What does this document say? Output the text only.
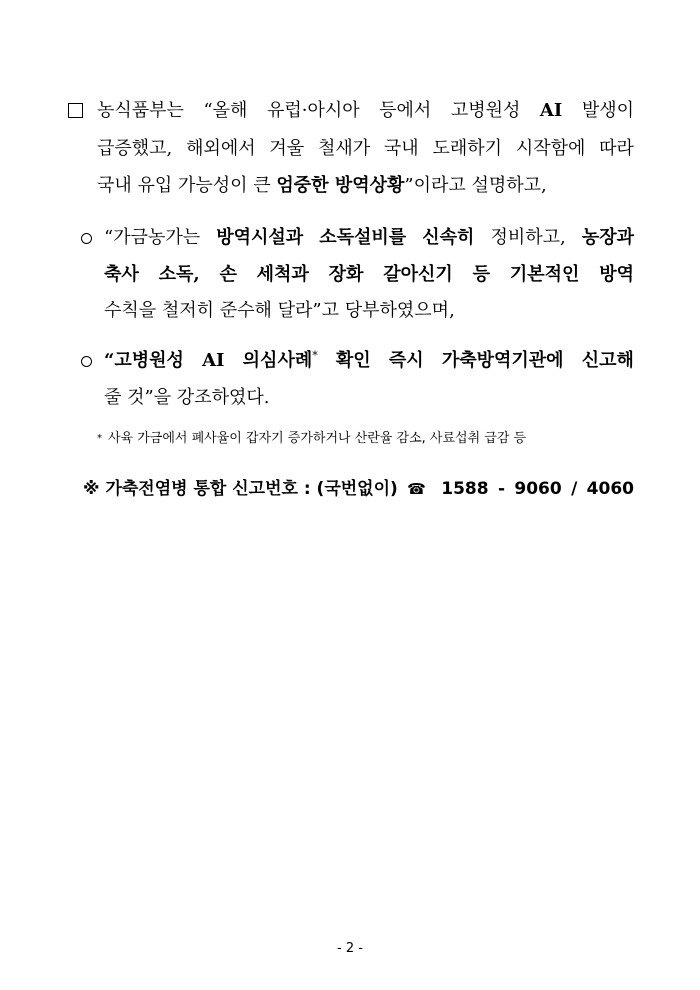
농식품부는 “올해 유럽·아시아 등에서 고병원성 AI 발생이
급증했고, 해외에서 겨울 철새가 국내 도래하기 시작함에 따라
국내 유입 가능성이 큰 엄중한 방역상황”이라고 설명하고,
“가금농가는 방역시설과 소독설비를 신속히 정비하고, 농장과
축사 소독, 손 세척과 장화 갈아신기 등 기본적인 방역
수칙을 철저히 준수해 달라”고 당부하였으며,
“고병원성 AI 의심사례* 확인 즉시 가축방역기관에 신고해
줄 것”을 강조하였다.
* 사육 가금에서 폐사율이 갑자기 증가하거나 산란율 감소, 사료섭취 급감 등
※ 가축전염병 통합 신고번호 : (국번없이) ☎ 1588 - 9060 / 4060
- 2 -
